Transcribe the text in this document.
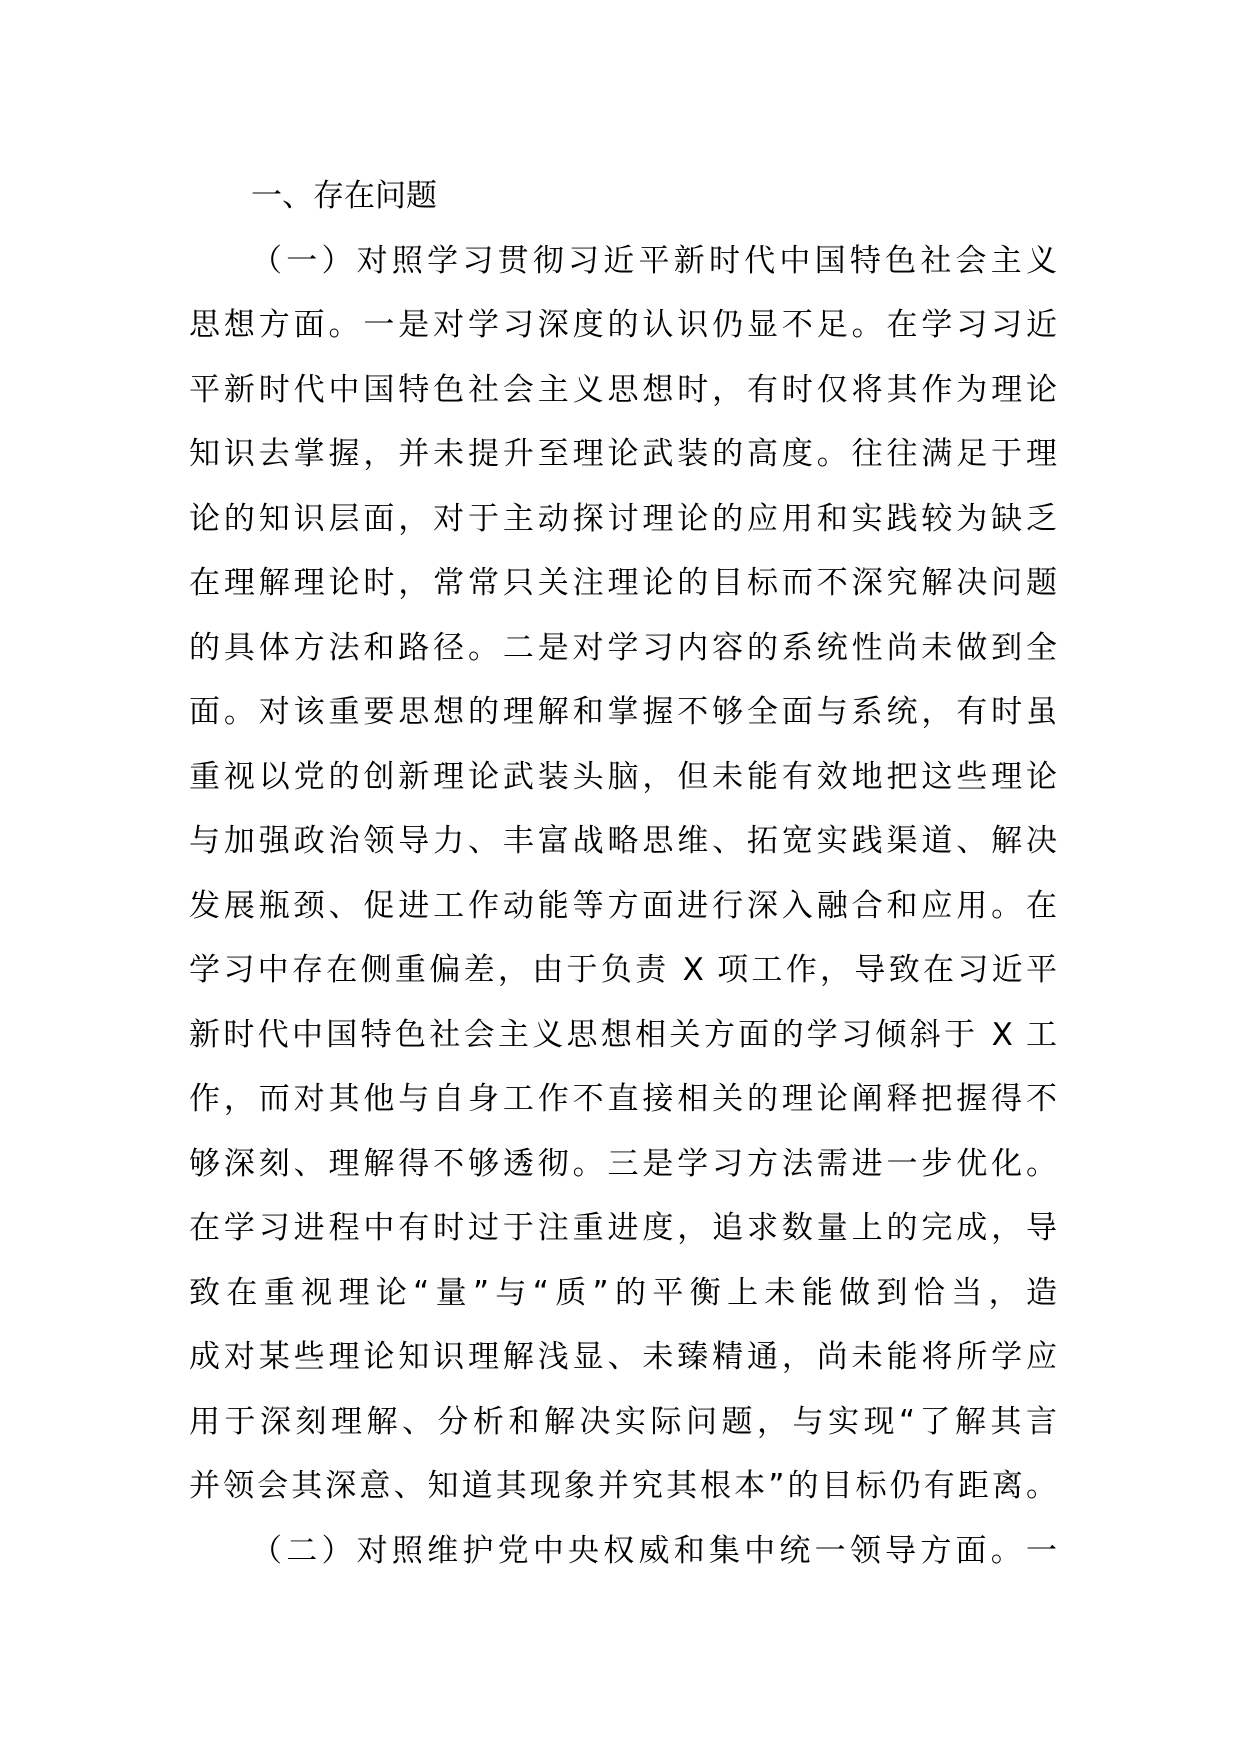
一、存在问题
（一）对照学习贯彻习近平新时代中国特色社会主义
思想方面。一是对学习深度的认识仍显不足。在学习习近
平新时代中国特色社会主义思想时，有时仅将其作为理论
知识去掌握，并未提升至理论武装的高度。往往满足于理
论的知识层面，对于主动探讨理论的应用和实践较为缺乏
在理解理论时，常常只关注理论的目标而不深究解决问题
的具体方法和路径。二是对学习内容的系统性尚未做到全
面。对该重要思想的理解和掌握不够全面与系统，有时虽
重视以党的创新理论武装头脑，但未能有效地把这些理论
与加强政治领导力、丰富战略思维、拓宽实践渠道、解决
发展瓶颈、促进工作动能等方面进行深入融合和应用。在
学习中存在侧重偏差，由于负责 X 项工作，导致在习近平
新时代中国特色社会主义思想相关方面的学习倾斜于 X 工
作，而对其他与自身工作不直接相关的理论阐释把握得不
够深刻、理解得不够透彻。三是学习方法需进一步优化。
在学习进程中有时过于注重进度，追求数量上的完成，导
致在重视理论“量”与“质”的平衡上未能做到恰当，造
成对某些理论知识理解浅显、未臻精通，尚未能将所学应
用于深刻理解、分析和解决实际问题，与实现“了解其言
并领会其深意、知道其现象并究其根本”的目标仍有距离。
（二）对照维护党中央权威和集中统一领导方面。一
